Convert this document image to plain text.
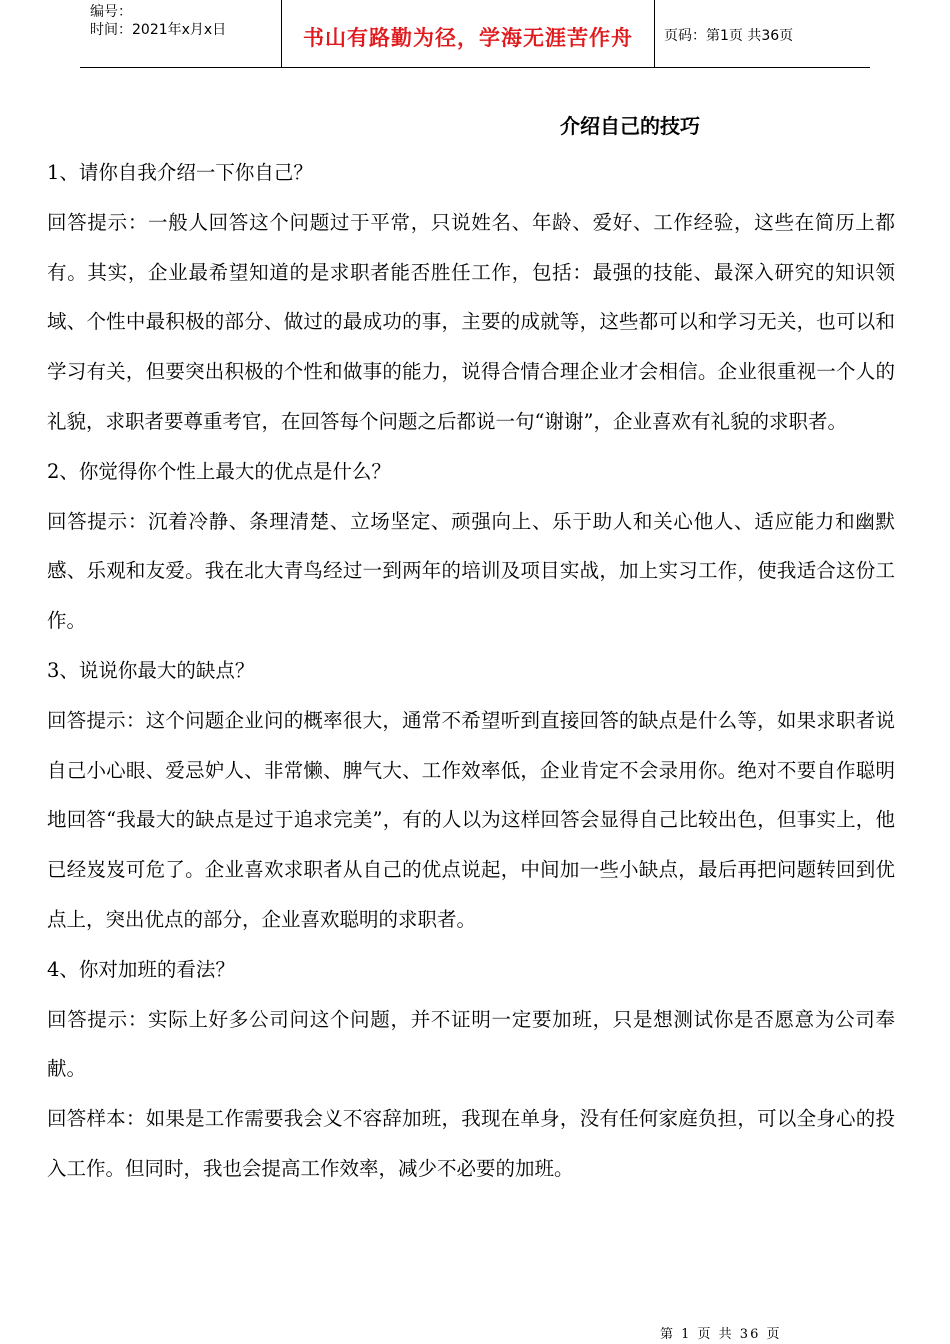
编号：
时间：2021年x月x日	书山有路勤为径，学海无涯苦作舟	页码：第1页 共36页
介绍自己的技巧

1、请你自我介绍一下你自己？

回答提示：一般人回答这个问题过于平常，只说姓名、年龄、爱好、工作经验，这些在简历上都有。其实，企业最希望知道的是求职者能否胜任工作，包括：最强的技能、最深入研究的知识领域、个性中最积极的部分、做过的最成功的事，主要的成就等，这些都可以和学习无关，也可以和学习有关，但要突出积极的个性和做事的能力，说得合情合理企业才会相信。企业很重视一个人的礼貌，求职者要尊重考官，在回答每个问题之后都说一句“谢谢”，企业喜欢有礼貌的求职者。

2、你觉得你个性上最大的优点是什么？

回答提示：沉着冷静、条理清楚、立场坚定、顽强向上、乐于助人和关心他人、适应能力和幽默感、乐观和友爱。我在北大青鸟经过一到两年的培训及项目实战，加上实习工作，使我适合这份工作。

3、说说你最大的缺点？

回答提示：这个问题企业问的概率很大，通常不希望听到直接回答的缺点是什么等，如果求职者说自己小心眼、爱忌妒人、非常懒、脾气大、工作效率低，企业肯定不会录用你。绝对不要自作聪明地回答“我最大的缺点是过于追求完美”，有的人以为这样回答会显得自己比较出色，但事实上，他已经岌岌可危了。企业喜欢求职者从自己的优点说起，中间加一些小缺点，最后再把问题转回到优点上，突出优点的部分，企业喜欢聪明的求职者。

4、你对加班的看法？

回答提示：实际上好多公司问这个问题，并不证明一定要加班，只是想测试你是否愿意为公司奉献。

回答样本：如果是工作需要我会义不容辞加班，我现在单身，没有任何家庭负担，可以全身心的投入工作。但同时，我也会提高工作效率，减少不必要的加班。

第 1 页 共 36 页
